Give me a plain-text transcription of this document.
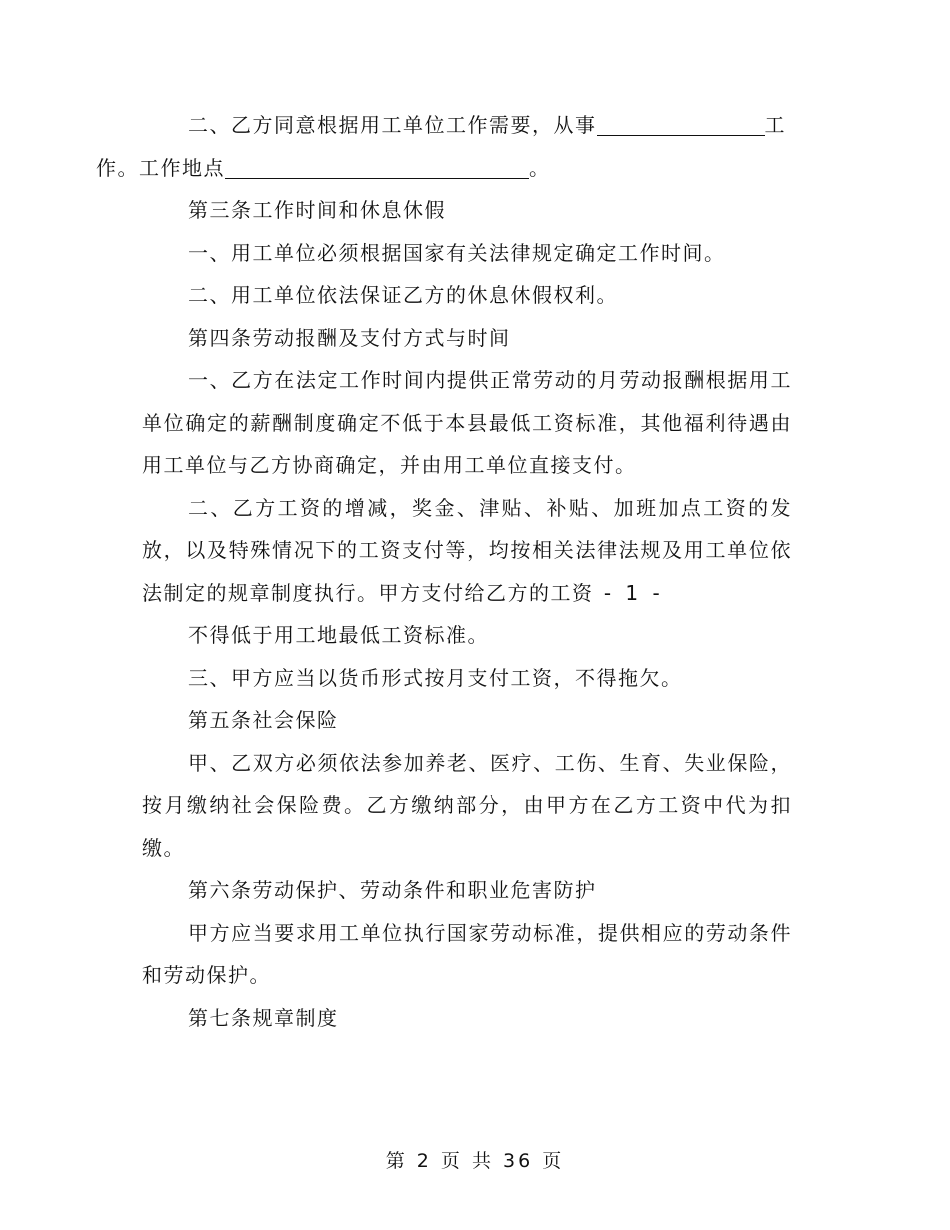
二、乙方同意根据用工单位工作需要，从事	工
作。工作地点	。

第三条工作时间和休息休假

一、用工单位必须根据国家有关法律规定确定工作时间。

二、用工单位依法保证乙方的休息休假权利。

第四条劳动报酬及支付方式与时间

一、乙方在法定工作时间内提供正常劳动的月劳动报酬根据用工单位确定的薪酬制度确定不低于本县最低工资标准，其他福利待遇由用工单位与乙方协商确定，并由用工单位直接支付。

二、乙方工资的增减，奖金、津贴、补贴、加班加点工资的发放，以及特殊情况下的工资支付等，均按相关法律法规及用工单位依法制定的规章制度执行。甲方支付给乙方的工资 - 1 -

不得低于用工地最低工资标准。

三、甲方应当以货币形式按月支付工资，不得拖欠。

第五条社会保险

甲、乙双方必须依法参加养老、医疗、工伤、生育、失业保险，按月缴纳社会保险费。乙方缴纳部分，由甲方在乙方工资中代为扣缴。

第六条劳动保护、劳动条件和职业危害防护

甲方应当要求用工单位执行国家劳动标准，提供相应的劳动条件和劳动保护。

第七条规章制度

第 2 页 共 36 页
